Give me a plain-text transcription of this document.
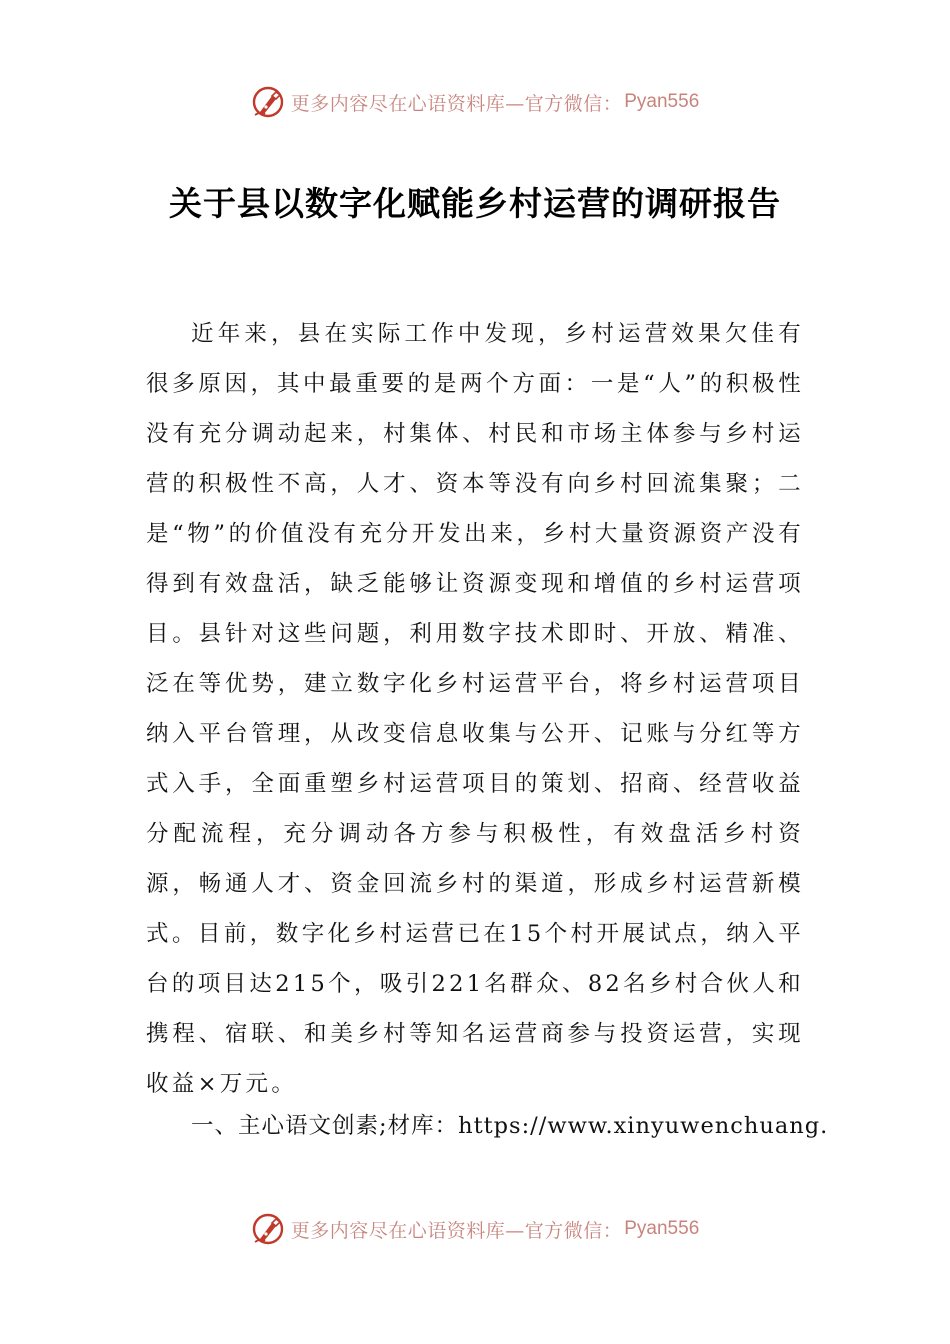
更多内容尽在心语资料库—官方微信： Pyan556
关于县以数字化赋能乡村运营的调研报告

近年来，县在实际工作中发现，乡村运营效果欠佳有很多原因，其中最重要的是两个方面：一是“人”的积极性没有充分调动起来，村集体、村民和市场主体参与乡村运营的积极性不高，人才、资本等没有向乡村回流集聚；二是“物”的价值没有充分开发出来，乡村大量资源资产没有得到有效盘活，缺乏能够让资源变现和增值的乡村运营项目。县针对这些问题，利用数字技术即时、开放、精准、泛在等优势，建立数字化乡村运营平台，将乡村运营项目纳入平台管理，从改变信息收集与公开、记账与分红等方式入手，全面重塑乡村运营项目的策划、招商、经营收益分配流程，充分调动各方参与积极性，有效盘活乡村资源，畅通人才、资金回流乡村的渠道，形成乡村运营新模式。目前，数字化乡村运营已在15个村开展试点，纳入平台的项目达215个，吸引221名群众、82名乡村合伙人和携程、宿联、和美乡村等知名运营商参与投资运营，实现收益×万元。

一、主心语文创素;材库：https://www.xinyuwenchuang.

更多内容尽在心语资料库—官方微信： Pyan556
